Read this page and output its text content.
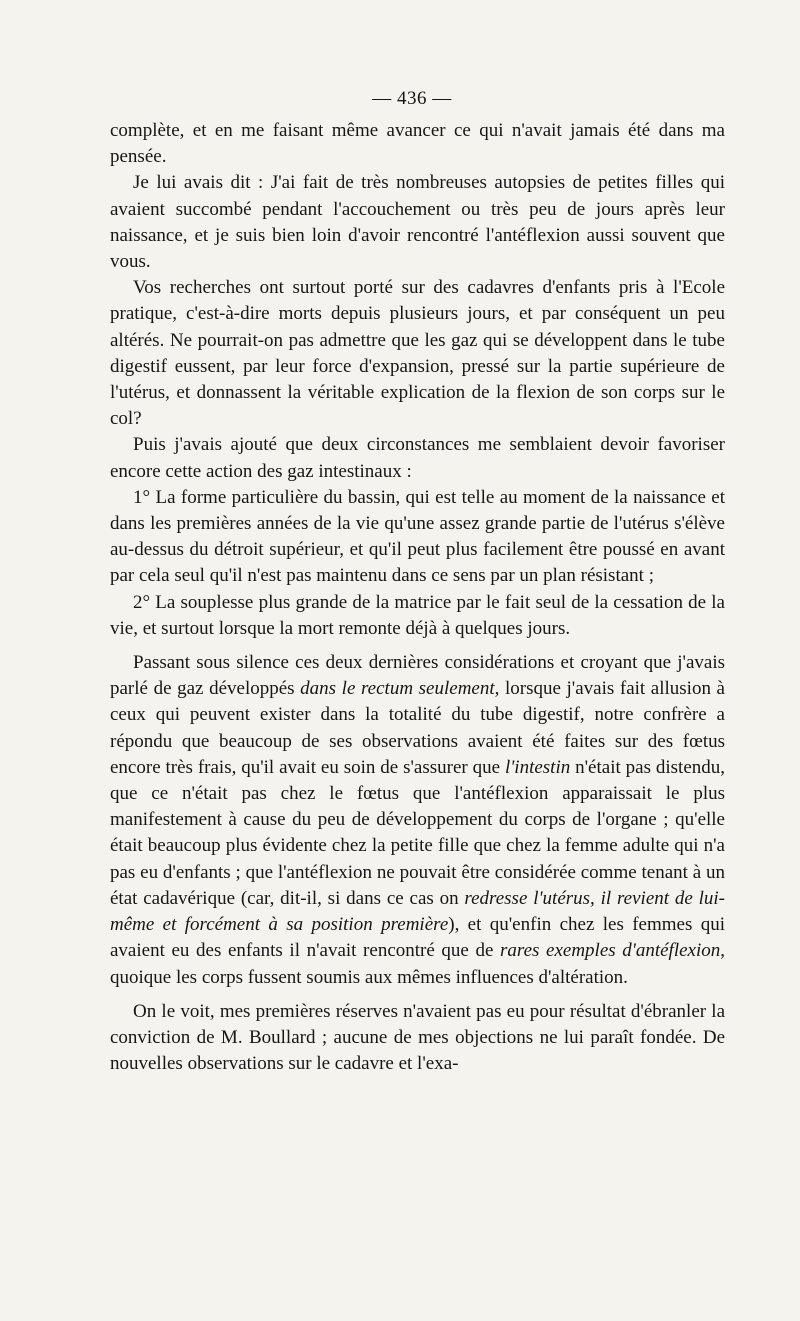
— 436 —

complète, et en me faisant même avancer ce qui n'avait jamais été dans ma pensée.

Je lui avais dit : J'ai fait de très nombreuses autopsies de petites filles qui avaient succombé pendant l'accouchement ou très peu de jours après leur naissance, et je suis bien loin d'avoir rencontré l'antéflexion aussi souvent que vous.

Vos recherches ont surtout porté sur des cadavres d'enfants pris à l'Ecole pratique, c'est-à-dire morts depuis plusieurs jours, et par conséquent un peu altérés. Ne pourrait-on pas admettre que les gaz qui se développent dans le tube digestif eussent, par leur force d'expansion, pressé sur la partie supérieure de l'utérus, et donnassent la véritable explication de la flexion de son corps sur le col?

Puis j'avais ajouté que deux circonstances me semblaient devoir favoriser encore cette action des gaz intestinaux :

1° La forme particulière du bassin, qui est telle au moment de la naissance et dans les premières années de la vie qu'une assez grande partie de l'utérus s'élève au-dessus du détroit supérieur, et qu'il peut plus facilement être poussé en avant par cela seul qu'il n'est pas maintenu dans ce sens par un plan résistant ;

2° La souplesse plus grande de la matrice par le fait seul de la cessation de la vie, et surtout lorsque la mort remonte déjà à quelques jours.

Passant sous silence ces deux dernières considérations et croyant que j'avais parlé de gaz développés dans le rectum seulement, lorsque j'avais fait allusion à ceux qui peuvent exister dans la totalité du tube digestif, notre confrère a répondu que beaucoup de ses observations avaient été faites sur des fœtus encore très frais, qu'il avait eu soin de s'assurer que l'intestin n'était pas distendu, que ce n'était pas chez le fœtus que l'antéflexion apparaissait le plus manifestement à cause du peu de développement du corps de l'organe ; qu'elle était beaucoup plus évidente chez la petite fille que chez la femme adulte qui n'a pas eu d'enfants ; que l'antéflexion ne pouvait être considérée comme tenant à un état cadavérique (car, dit-il, si dans ce cas on redresse l'utérus, il revient de lui-même et forcément à sa position première), et qu'enfin chez les femmes qui avaient eu des enfants il n'avait rencontré que de rares exemples d'antéflexion, quoique les corps fussent soumis aux mêmes influences d'altération.

On le voit, mes premières réserves n'avaient pas eu pour résultat d'ébranler la conviction de M. Boullard ; aucune de mes objections ne lui paraît fondée. De nouvelles observations sur le cadavre et l'exa-
